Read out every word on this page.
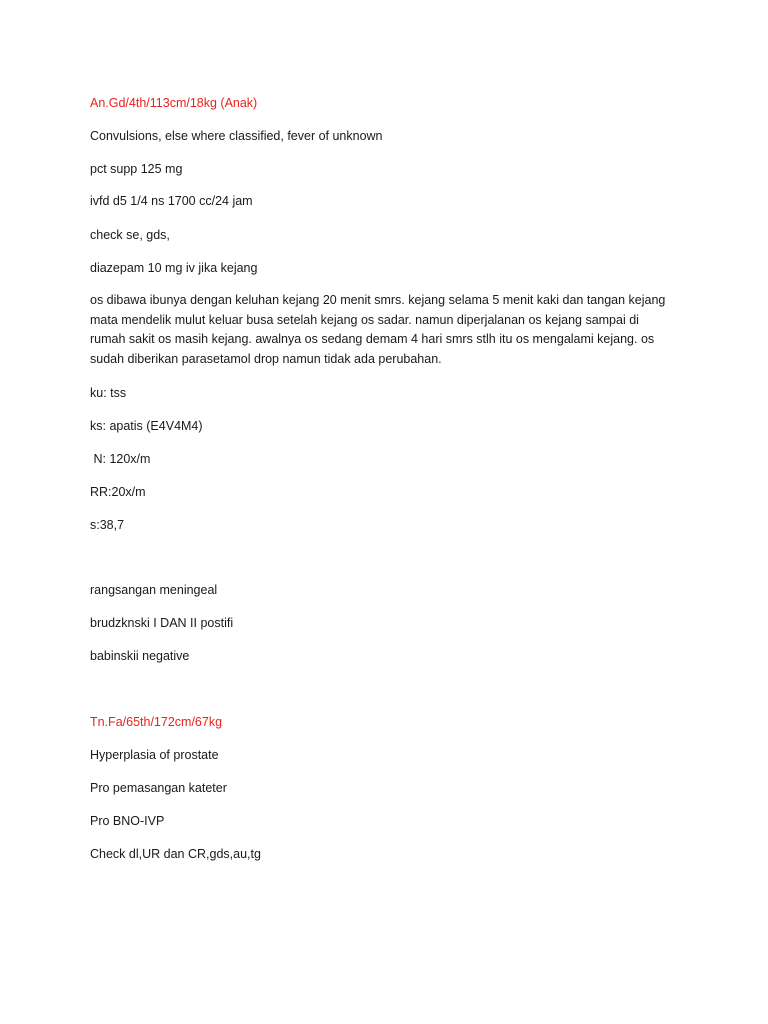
An.Gd/4th/113cm/18kg (Anak)
Convulsions, else where classified, fever of unknown
pct supp 125 mg
ivfd d5 1/4 ns 1700 cc/24 jam
check se, gds,
diazepam 10 mg iv jika kejang
os dibawa ibunya dengan keluhan kejang 20 menit smrs. kejang selama 5 menit kaki dan tangan kejang
mata mendelik mulut keluar busa setelah kejang os sadar. namun diperjalanan os kejang sampai di
rumah sakit os masih kejang. awalnya os sedang demam 4 hari smrs stlh itu os mengalami kejang. os
sudah diberikan parasetamol drop namun tidak ada perubahan.
ku: tss
ks: apatis (E4V4M4)
N: 120x/m
RR:20x/m
s:38,7
rangsangan meningeal
brudzknski I DAN II postifi
babinskii negative
Tn.Fa/65th/172cm/67kg
Hyperplasia of prostate
Pro pemasangan kateter
Pro BNO-IVP
Check dl,UR dan CR,gds,au,tg
